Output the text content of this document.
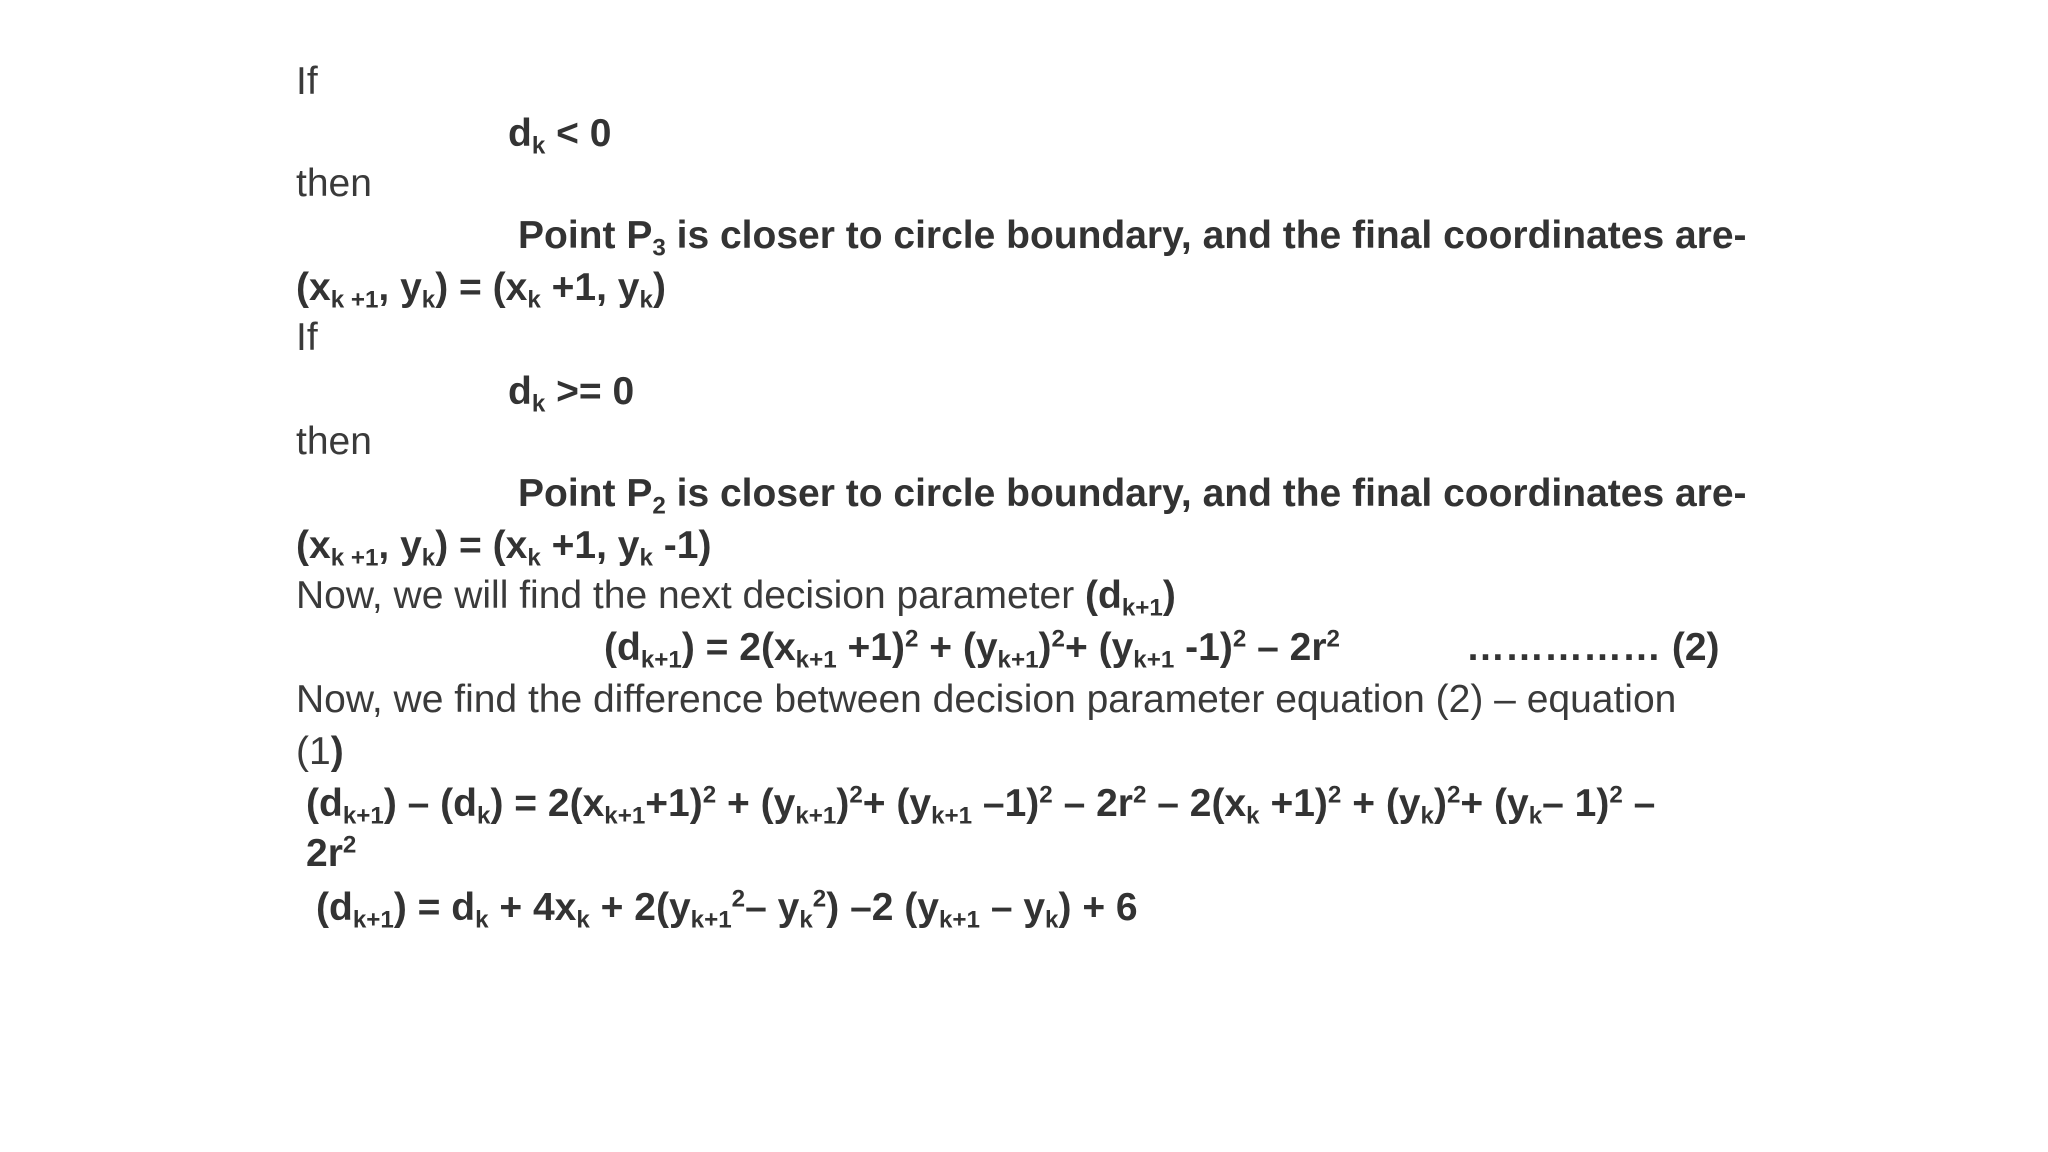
If
$d_k < 0$
then
Point $P_3$ is closer to circle boundary, and the final coordinates are-
($x_{k +1}$, $y_k) = (x_k +1$, $y_k$)
If
$d_k >= 0$
then
Point $P_2$ is closer to circle boundary, and the final coordinates are-
($x_{k +1}$, $y_k) = (x_k +1$, $y_k$ -1)
Now, we will find the next decision parameter $(d_{k+1})$
$(d_{k+1}) = 2(x_{k+1} +1)^2 + (y_{k+1})^2+ (y_{k+1}$ $-1)^2 - 2r^2$	…………… (2)
Now, we find the difference between decision parameter equation (2) – equation
(1)
$(d_{k+1}) - (d_k) = 2(x_{k+1}+1)^2 + (y_{k+1})^2+ (y_{k+1}$ $-1)^2 - 2r^2 - 2(x_k +1)^2 + (y_k)^2+ (y_k-$ 1)$^2$ –
$2r^2$
$(d_{k+1}) = d_k + 4x_k + 2(y_{k+1}^2-$ $y_k^2$) –2 $(y_{k+1} - y_k) + 6$
